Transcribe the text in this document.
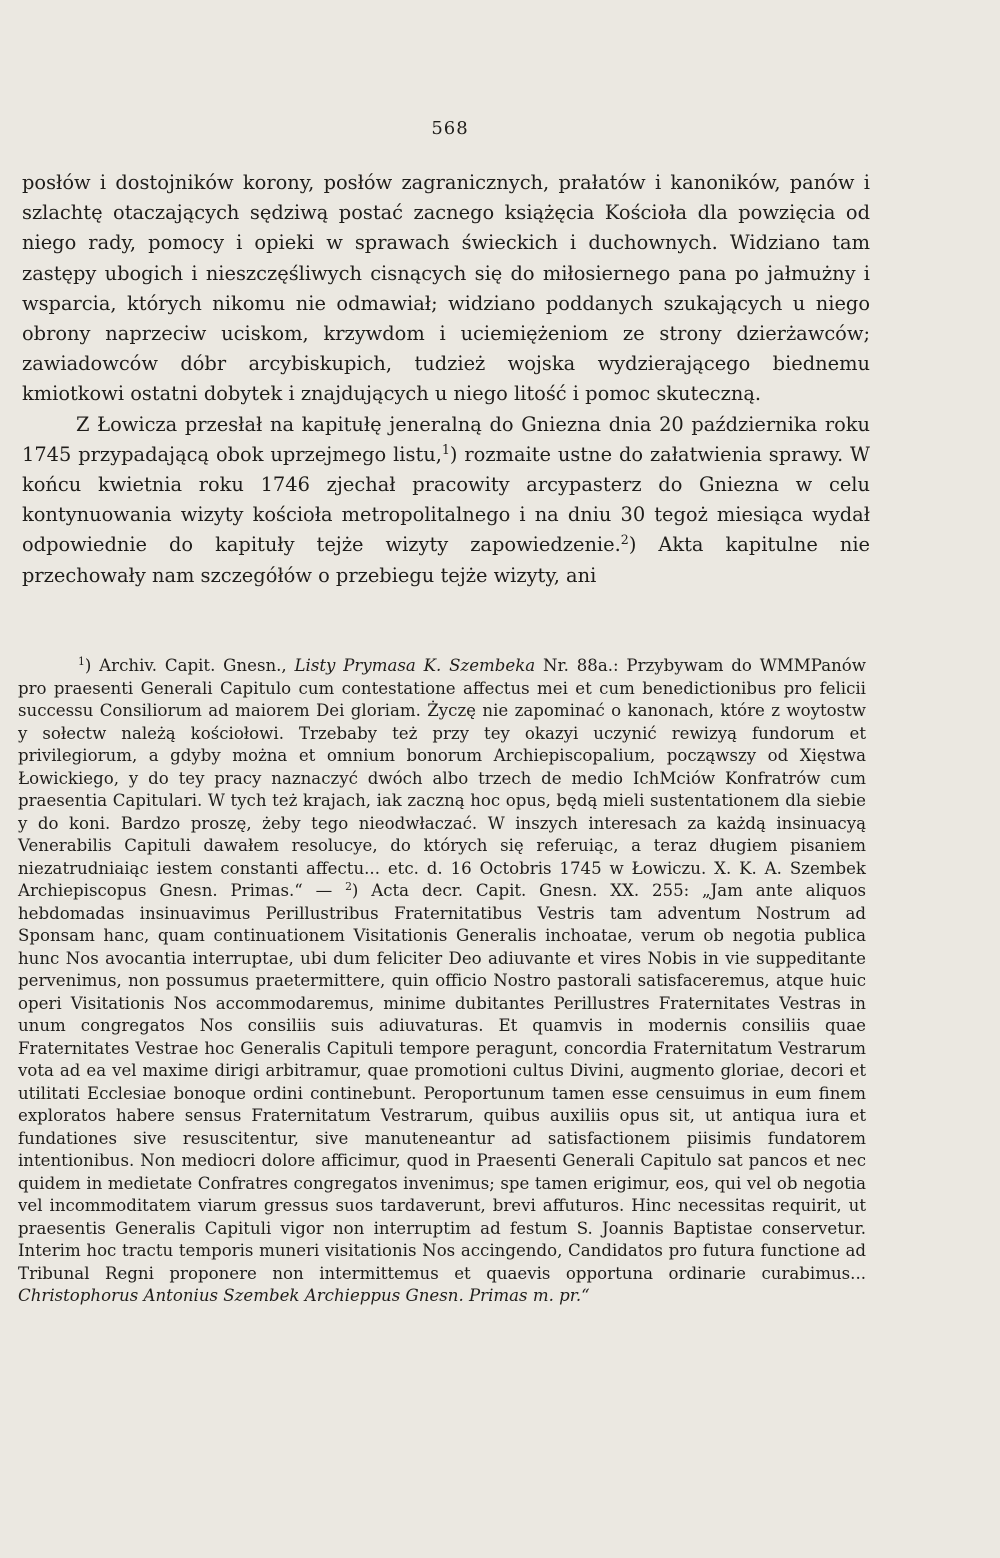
568

posłów i dostojników korony, posłów zagranicznych, prałatów i kanoników, panów i szlachtę otaczających sędziwą postać zacnego książęcia Kościoła dla powzięcia od niego rady, pomocy i opieki w sprawach świeckich i duchownych. Widziano tam zastępy ubogich i nieszczęśliwych cisnących się do miłosiernego pana po jałmużny i wsparcia, których nikomu nie odmawiał; widziano poddanych szukających u niego obrony naprzeciw uciskom, krzywdom i uciemiężeniom ze strony dzierżawców; zawiadowców dóbr arcybiskupich, tudzież wojska wydzierającego biednemu kmiotkowi ostatni dobytek i znajdujących u niego litość i pomoc skuteczną.

Z Łowicza przesłał na kapitułę jeneralną do Gniezna dnia 20 października roku 1745 przypadającą obok uprzejmego listu,$^1$) rozmaite ustne do załatwienia sprawy. W końcu kwietnia roku 1746 zjechał pracowity arcypasterz do Gniezna w celu kontynuowania wizyty kościoła metropolitalnego i na dniu 30 tegoż miesiąca wydał odpowiednie do kapituły tejże wizyty zapowiedzenie.$^2$) Akta kapitulne nie przechowały nam szczegółów o przebiegu tejże wizyty, ani

$^1$) Archiv. Capit. Gnesn., Listy Prymasa K. Szembeka Nr. 88a.: Przybywam do WMMPanów pro praesenti Generali Capitulo cum contestatione affectus mei et cum benedictionibus pro felicii successu Consiliorum ad maiorem Dei gloriam. Życzę nie zapominać o kanonach, które z woytostw y sołectw należą kościołowi. Trzebaby też przy tey okazyi uczynić rewizyą fundorum et privilegiorum, a gdyby można et omnium bonorum Archiepiscopalium, począwszy od Xięstwa Łowickiego, y do tey pracy naznaczyć dwóch albo trzech de medio IchMciów Konfratrów cum praesentia Capitulari. W tych też krajach, iak zaczną hoc opus, będą mieli sustentationem dla siebie y do koni. Bardzo proszę, żeby tego nieodwłaczać. W inszych interesach za każdą insinuacyą Venerabilis Capituli dawałem resolucye, do których się referuiąc, a teraz długiem pisaniem niezatrudniaiąc iestem constanti affectu... etc. d. 16 Octobris 1745 w Łowiczu. X. K. A. Szembek Archiepiscopus Gnesn. Primas.“ — $^2$) Acta decr. Capit. Gnesn. XX. 255: „Jam ante aliquos hebdomadas insinuavimus Perillustribus Fraternitatibus Vestris tam adventum Nostrum ad Sponsam hanc, quam continuationem Visitationis Generalis inchoatae, verum ob negotia publica hunc Nos avocantia interruptae, ubi dum feliciter Deo adiuvante et vires Nobis in vie suppeditante pervenimus, non possumus praetermittere, quin officio Nostro pastorali satisfaceremus, atque huic operi Visitationis Nos accommodaremus, minime dubitantes Perillustres Fraternitates Vestras in unum congregatos Nos consiliis suis adiuvaturas. Et quamvis in modernis consiliis quae Fraternitates Vestrae hoc Generalis Capituli tempore peragunt, concordia Fraternitatum Vestrarum vota ad ea vel maxime dirigi arbitramur, quae promotioni cultus Divini, augmento gloriae, decori et utilitati Ecclesiae bonoque ordini continebunt. Peroportunum tamen esse censuimus in eum finem exploratos habere sensus Fraternitatum Vestrarum, quibus auxiliis opus sit, ut antiqua iura et fundationes sive resuscitentur, sive manuteneantur ad satisfactionem piisimis fundatorem intentionibus. Non mediocri dolore afficimur, quod in Praesenti Generali Capitulo sat pancos et nec quidem in medietate Confratres congregatos invenimus; spe tamen erigimur, eos, qui vel ob negotia vel incommoditatem viarum gressus suos tardaverunt, brevi affuturos. Hinc necessitas requirit, ut praesentis Generalis Capituli vigor non interruptim ad festum S. Joannis Baptistae conservetur. Interim hoc tractu temporis muneri visitationis Nos accingendo, Candidatos pro futura functione ad Tribunal Regni proponere non intermittemus et quaevis opportuna ordinarie curabimus... Christophorus Antonius Szembek Archieppus Gnesn. Primas m. pr.“
